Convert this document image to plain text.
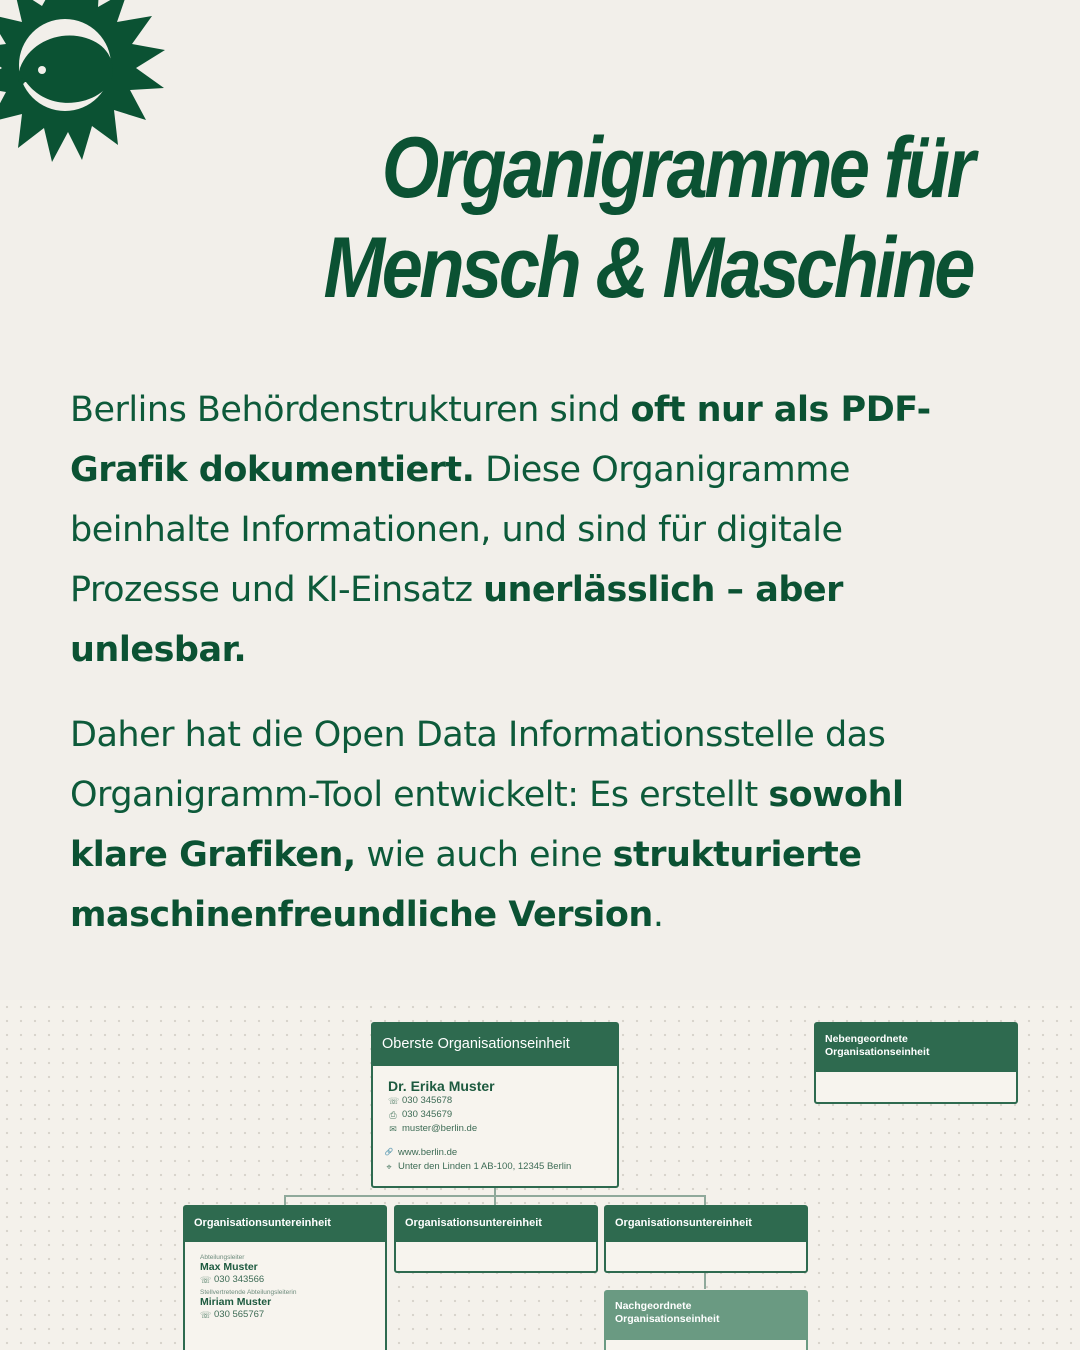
Organigramme für
Mensch & Maschine

Berlins Behördenstrukturen sind oft nur als PDF-Grafik dokumentiert. Diese Organigramme beinhalte Informationen, und sind für digitale Prozesse und KI-Einsatz unerlässlich – aber unlesbar.

Daher hat die Open Data Informationsstelle das Organigramm-Tool entwickelt: Es erstellt sowohl klare Grafiken, wie auch eine strukturierte maschinenfreundliche Version.

Oberste Organisationseinheit
Dr. Erika Muster
☏ 030 345678
⎙ 030 345679
✉ muster@berlin.de
🔗 www.berlin.de
⌖ Unter den Linden 1 AB-100, 12345 Berlin
Nebengeordnete
Organisationseinheit
Organisationsuntereinheit
Abteilungsleiter
Max Muster
☏ 030 343566
Stellvertretende Abteilungsleiterin
Miriam Muster
☏ 030 565767
Organisationsuntereinheit	Organisationsuntereinheit
Nachgeordnete
Organisationseinheit
